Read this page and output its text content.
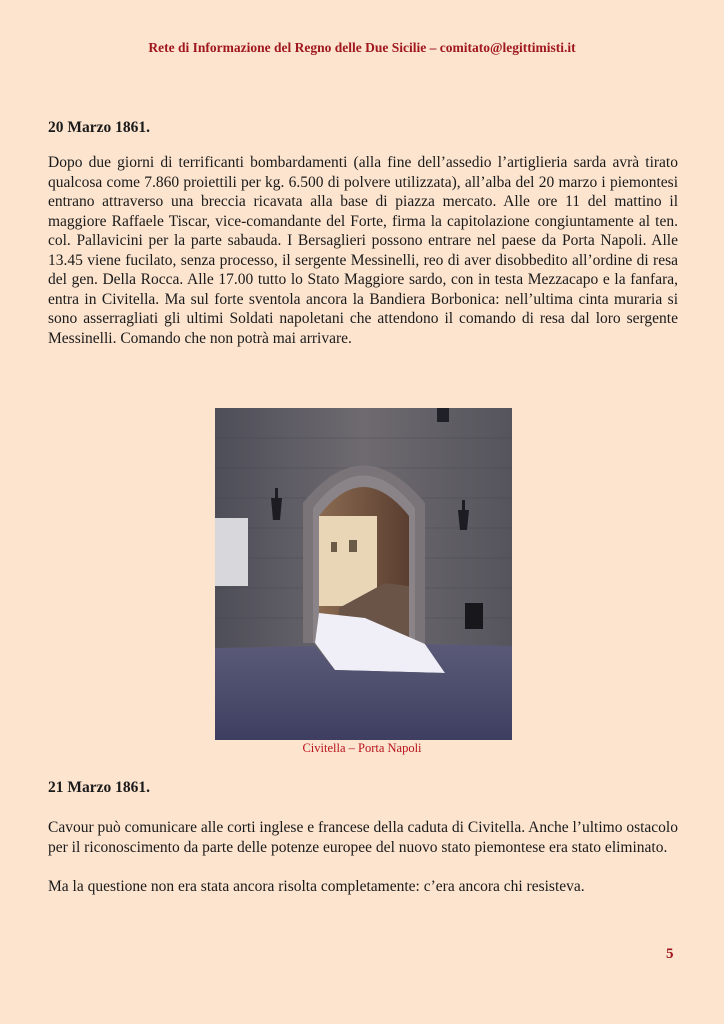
Rete di Informazione del Regno delle Due Sicilie – comitato@legittimisti.it
20 Marzo 1861.

Dopo due giorni di terrificanti bombardamenti (alla fine dell’assedio l’artiglieria sarda avrà tirato qualcosa come 7.860 proiettili per kg. 6.500 di polvere utilizzata), all’alba del 20 marzo i piemontesi entrano attraverso una breccia ricavata alla base di piazza mercato. Alle ore 11 del mattino il maggiore Raffaele Tiscar, vice-comandante del Forte, firma la capitolazione congiuntamente al ten. col. Pallavicini per la parte sabauda. I Bersaglieri possono entrare nel paese da Porta Napoli. Alle 13.45 viene fucilato, senza processo, il sergente Messinelli, reo di aver disobbedito all’ordine di resa del gen. Della Rocca. Alle 17.00 tutto lo Stato Maggiore sardo, con in testa Mezzacapo e la fanfara, entra in Civitella. Ma sul forte sventola ancora la Bandiera Borbonica: nell’ultima cinta muraria si sono asserragliati gli ultimi Soldati napoletani che attendono il comando di resa dal loro sergente Messinelli. Comando che non potrà mai arrivare.

Civitella – Porta Napoli
21 Marzo 1861.

Cavour può comunicare alle corti inglese e francese della caduta di Civitella. Anche l’ultimo ostacolo per il riconoscimento da parte delle potenze europee del nuovo stato piemontese era stato eliminato.

Ma la questione non era stata ancora risolta completamente: c’era ancora chi resisteva.

5
